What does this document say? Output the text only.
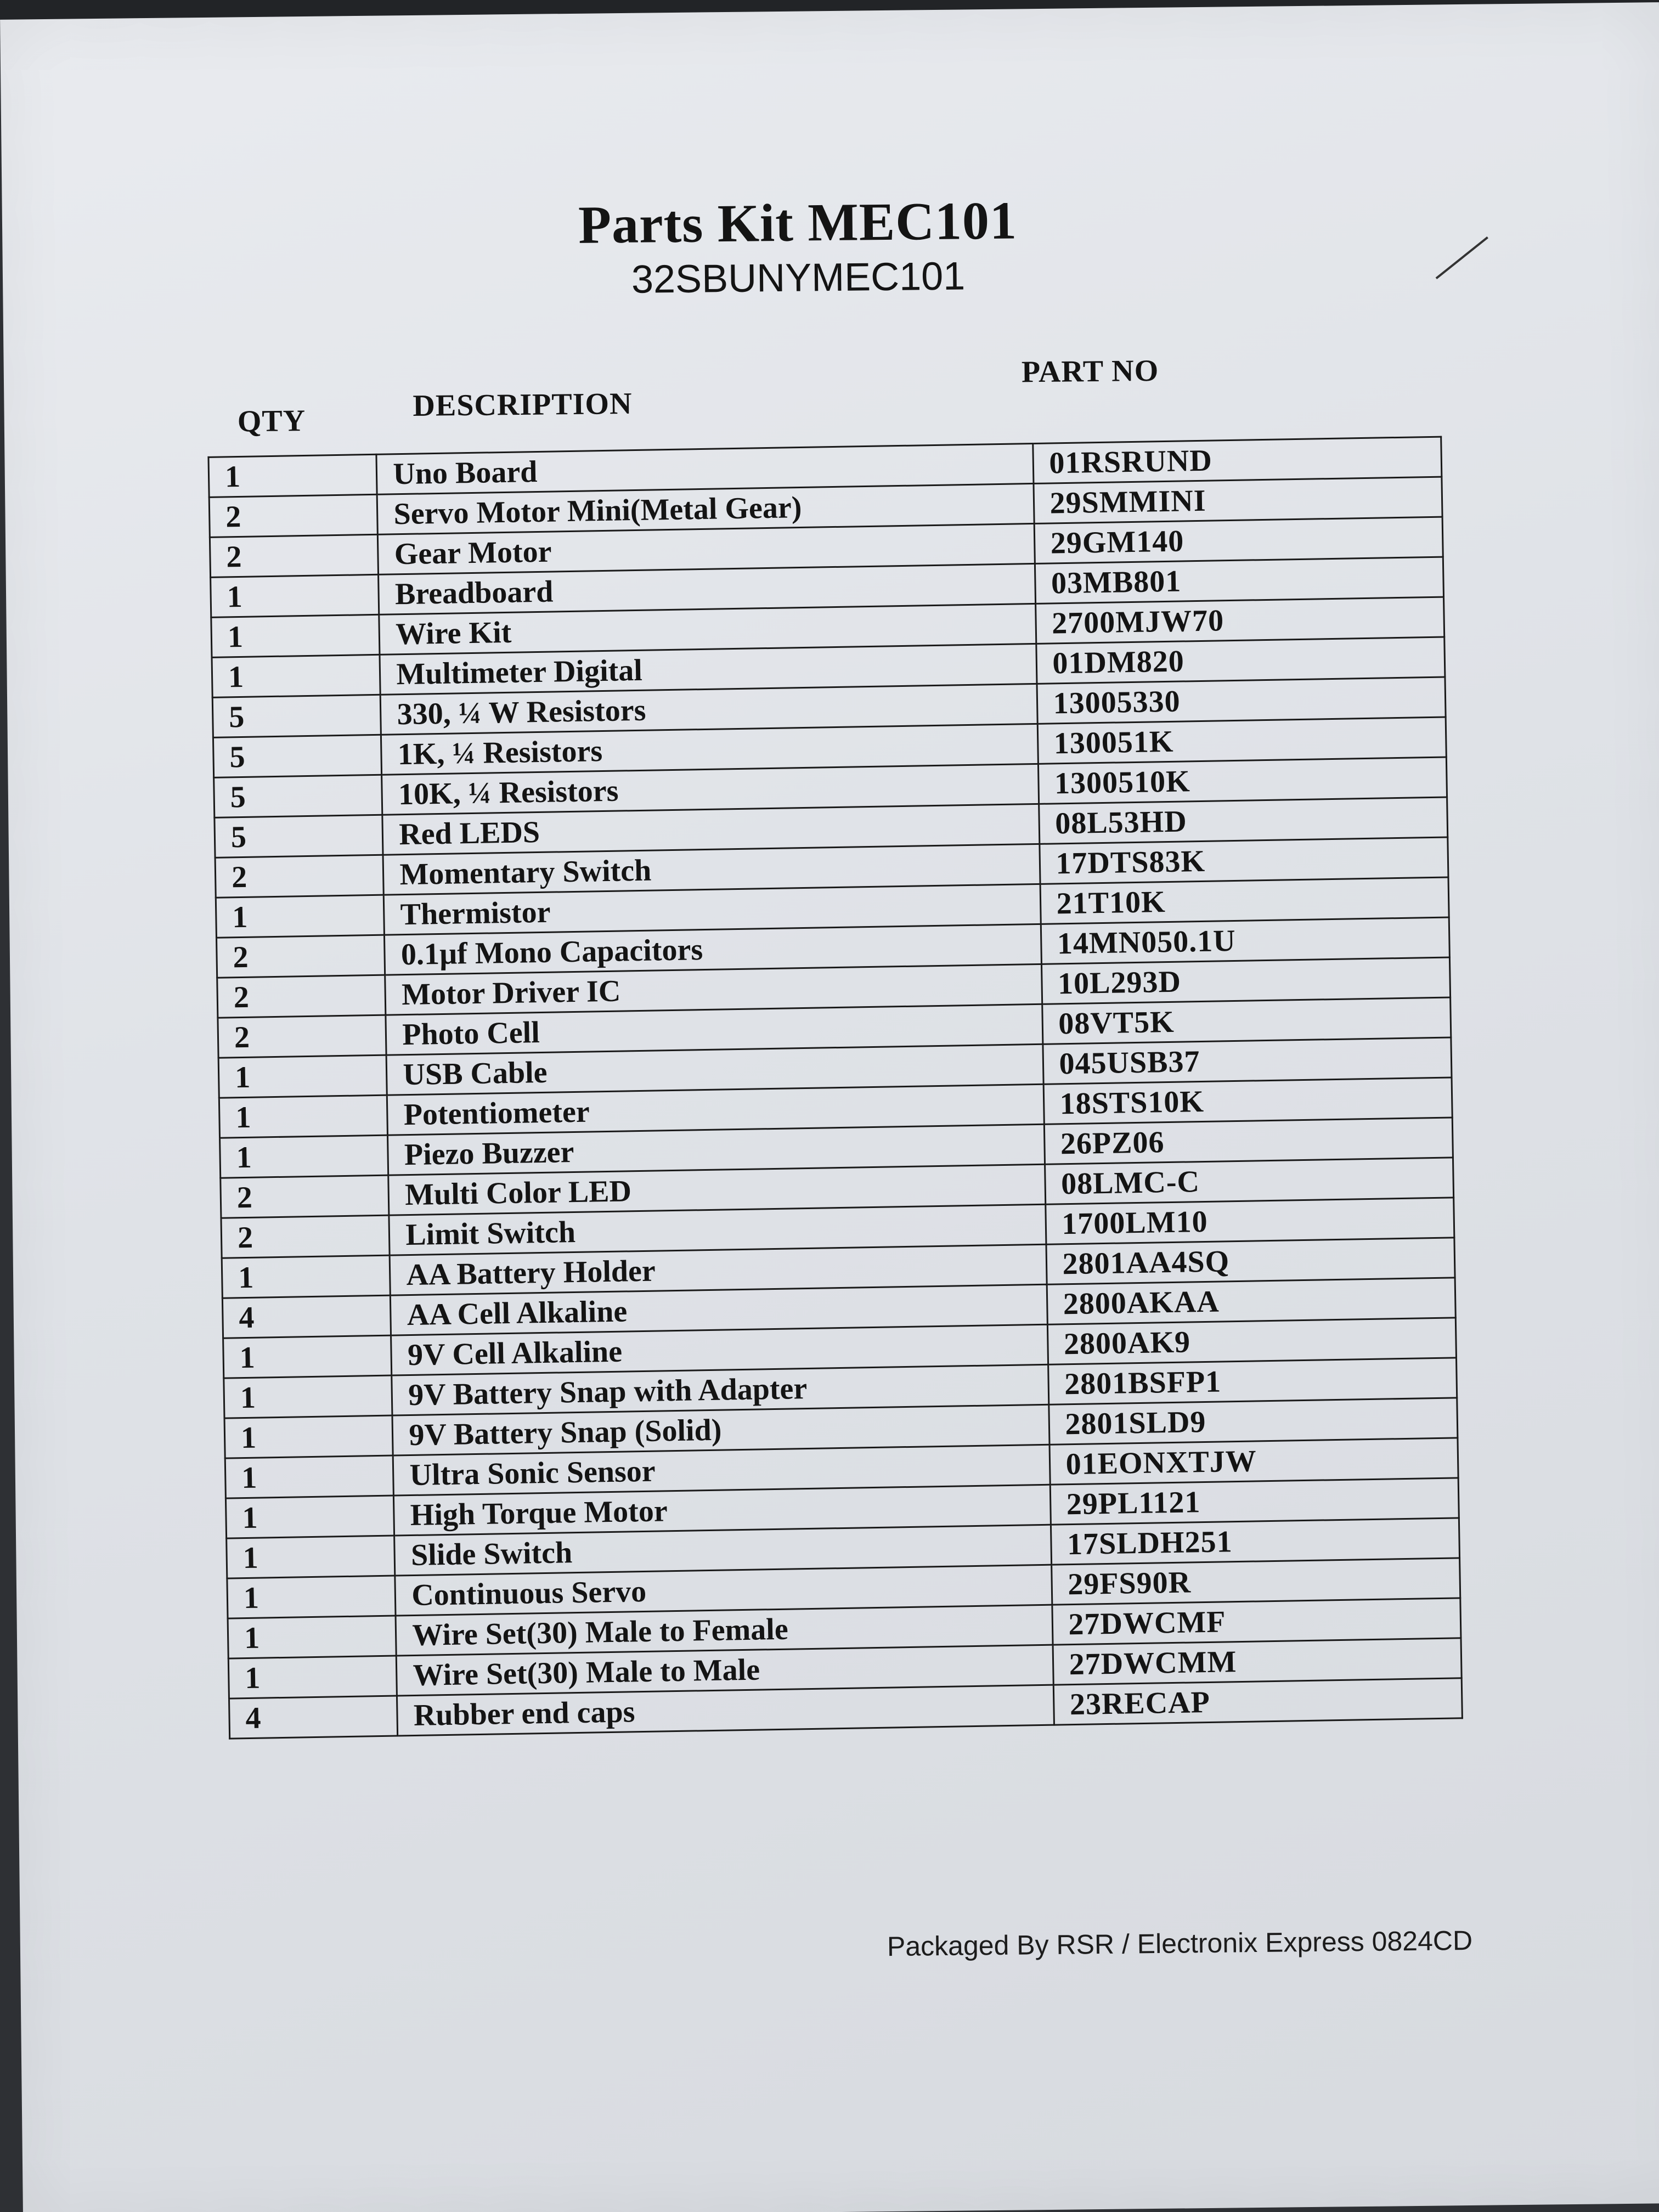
Parts Kit MEC101
32SBUNYMEC101
QTY	DESCRIPTION
PART NO
1	Uno Board	01RSRUND
2	Servo Motor Mini(Metal Gear)	29SMMINI
2	Gear Motor	29GM140
1	Breadboard	03MB801
1	Wire Kit	2700MJW70
1	Multimeter Digital	01DM820
5	330, ¼ W Resistors	13005330
5	1K, ¼ Resistors	130051K
5	10K, ¼ Resistors	1300510K
5	Red LEDS	08L53HD
2	Momentary Switch	17DTS83K
1	Thermistor	21T10K
2	0.1µf Mono Capacitors	14MN050.1U
2	Motor Driver IC	10L293D
2	Photo Cell	08VT5K
1	USB Cable	045USB37
1	Potentiometer	18STS10K
1	Piezo Buzzer	26PZ06
2	Multi Color LED	08LMC-C
2	Limit Switch	1700LM10
1	AA Battery Holder	2801AA4SQ
4	AA Cell Alkaline	2800AKAA
1	9V Cell Alkaline	2800AK9
1	9V Battery Snap with Adapter	2801BSFP1
1	9V Battery Snap (Solid)	2801SLD9
1	Ultra Sonic Sensor	01EONXTJW
1	High Torque Motor	29PL1121
1	Slide Switch	17SLDH251
1	Continuous Servo	29FS90R
1	Wire Set(30) Male to Female	27DWCMF
1	Wire Set(30) Male to Male	27DWCMM
4	Rubber end caps	23RECAP
Packaged By RSR / Electronix Express 0824CD
